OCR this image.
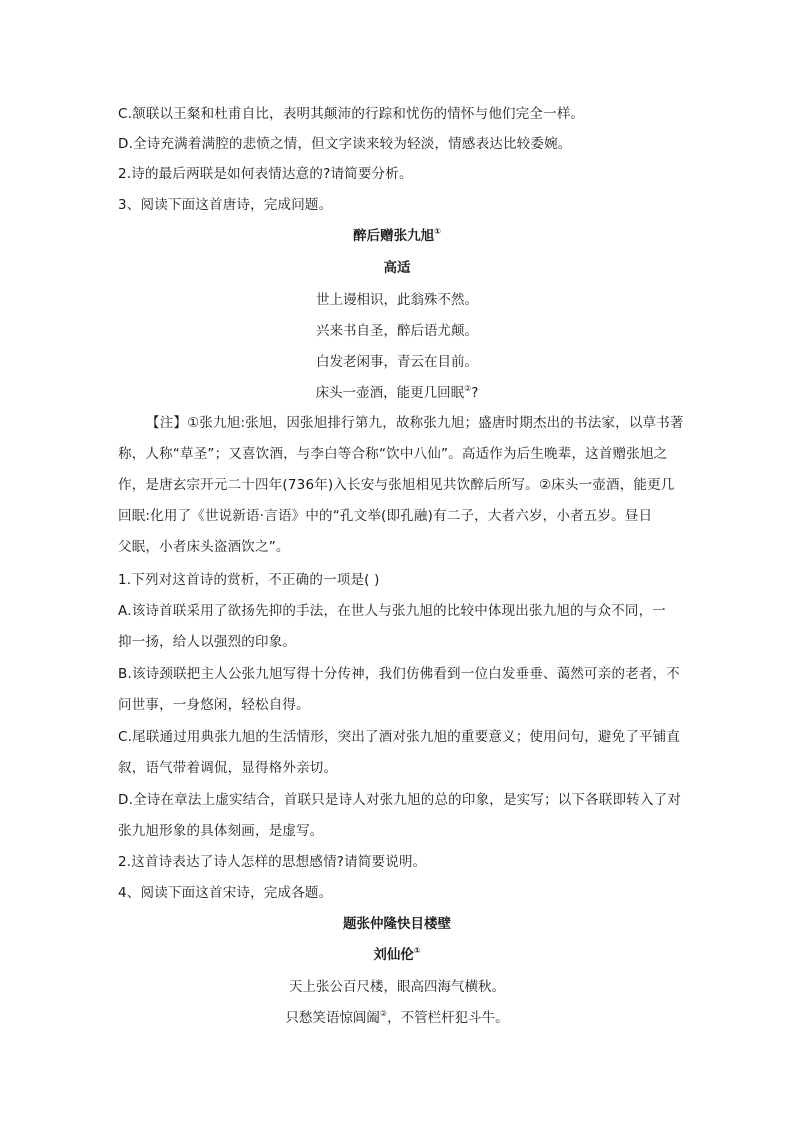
C.颔联以王粲和杜甫自比，表明其颠沛的行踪和忧伤的情怀与他们完全一样。
D.全诗充满着满腔的悲愤之情，但文字读来较为轻淡，情感表达比较委婉。
2.诗的最后两联是如何表情达意的?请简要分析。
3、阅读下面这首唐诗，完成问题。
醉后赠张九旭①
高适
世上谩相识，此翁殊不然。
兴来书自圣，醉后语尤颠。
白发老闲事，青云在目前。
床头一壶酒，能更几回眠②?
【注】①张九旭:张旭，因张旭排行第九，故称张九旭；盛唐时期杰出的书法家，以草书著
称，人称“草圣”；又喜饮酒，与李白等合称“饮中八仙”。高适作为后生晚辈，这首赠张旭之
作，是唐玄宗开元二十四年(736年)入长安与张旭相见共饮醉后所写。②床头一壶酒，能更几
回眠:化用了《世说新语·言语》中的“孔文举(即孔融)有二子，大者六岁，小者五岁。昼日
父眠，小者床头盗酒饮之”。
1.下列对这首诗的赏析，不正确的一项是( )
A.该诗首联采用了欲扬先抑的手法，在世人与张九旭的比较中体现出张九旭的与众不同，一
抑一扬，给人以强烈的印象。
B.该诗颈联把主人公张九旭写得十分传神，我们仿佛看到一位白发垂垂、蔼然可亲的老者，不
问世事，一身悠闲，轻松自得。
C.尾联通过用典张九旭的生活情形，突出了酒对张九旭的重要意义；使用问句，避免了平铺直
叙，语气带着调侃，显得格外亲切。
D.全诗在章法上虚实结合，首联只是诗人对张九旭的总的印象，是实写；以下各联即转入了对
张九旭形象的具体刻画，是虚写。
2.这首诗表达了诗人怎样的思想感情?请简要说明。
4、阅读下面这首宋诗，完成各题。
题张仲隆快目楼壁
刘仙伦①
天上张公百尺楼，眼高四海气横秋。
只愁笑语惊阊阖②，不管栏杆犯斗牛。
